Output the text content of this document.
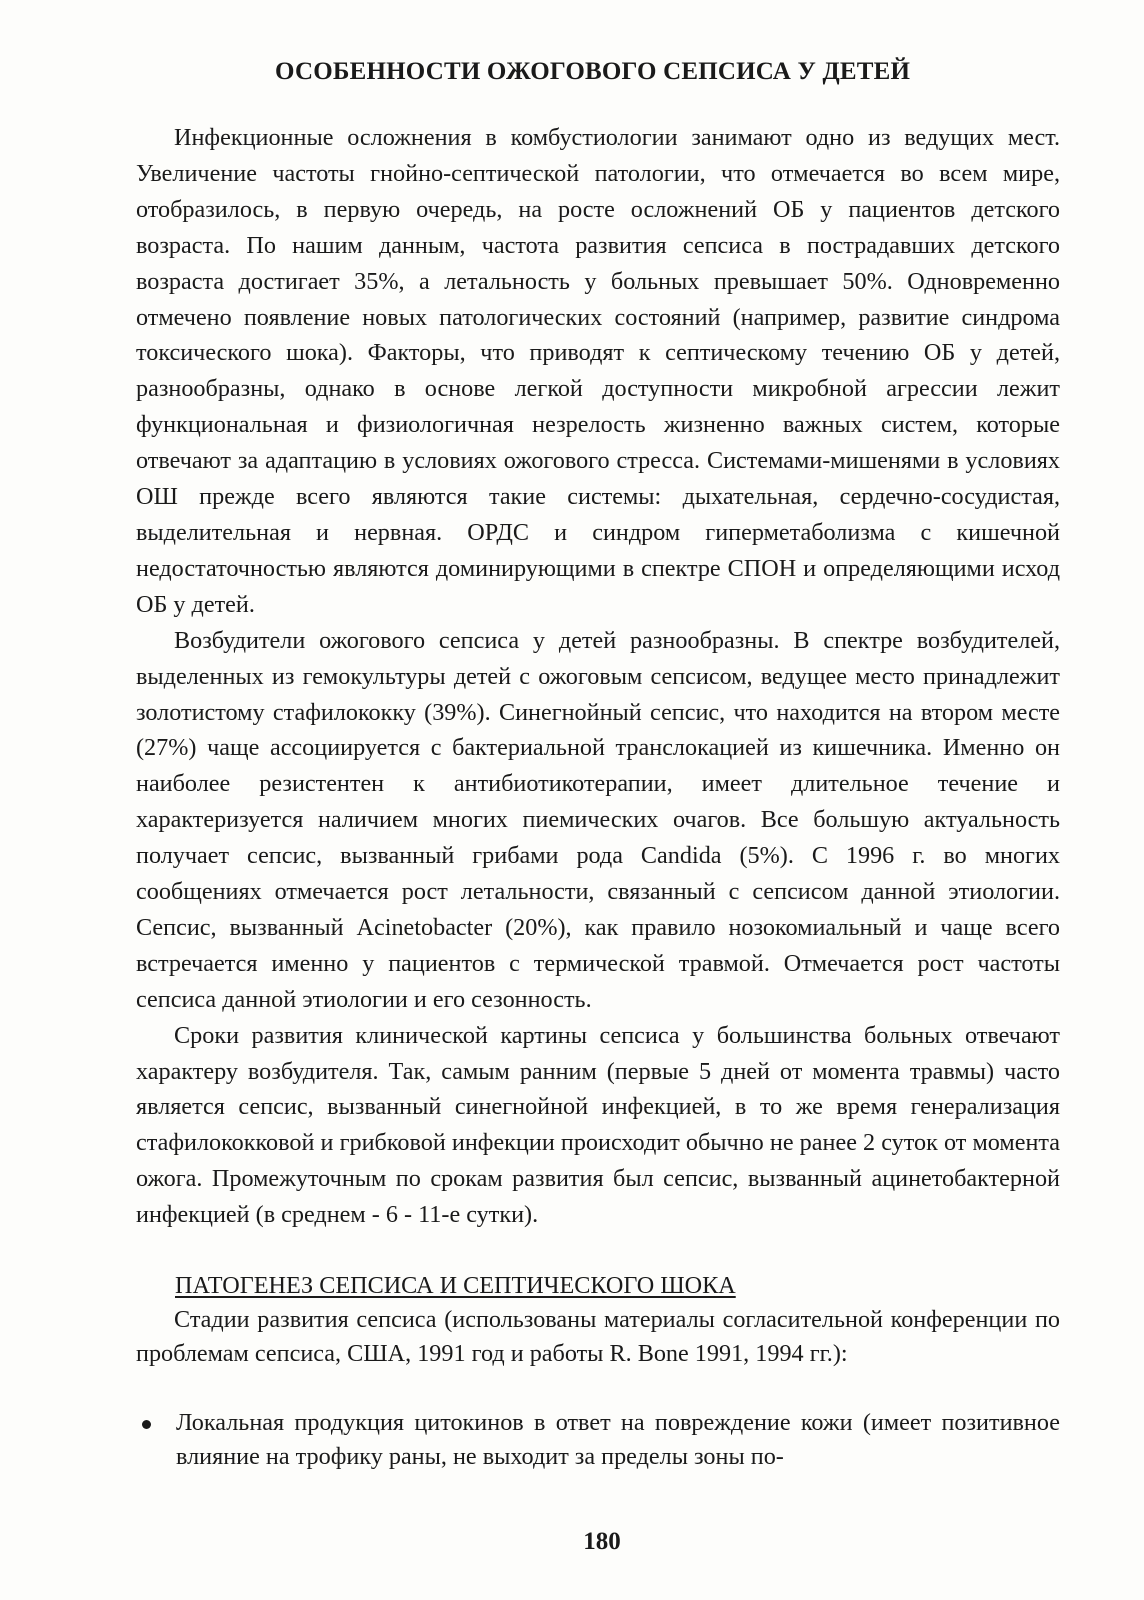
ОСОБЕННОСТИ ОЖОГОВОГО СЕПСИСА У ДЕТЕЙ

Инфекционные осложнения в комбустиологии занимают одно из ведущих мест. Увеличение частоты гнойно-септической патологии, что отмечается во всем мире, отобразилось, в первую очередь, на росте осложнений ОБ у пациентов детского возраста. По нашим данным, частота развития сепсиса в пострадавших детского возраста достигает 35%, а летальность у больных превышает 50%. Одновременно отмечено появление новых патологических состояний (например, развитие синдрома токсического шока). Факторы, что приводят к септическому течению ОБ у детей, разнообразны, однако в основе легкой доступности микробной агрессии лежит функциональная и физиологичная незрелость жизненно важных систем, которые отвечают за адаптацию в условиях ожогового стресса. Системами-мишенями в условиях ОШ прежде всего являются такие системы: дыхательная, сердечно-сосудистая, выделительная и нервная. ОРДС и синдром гиперметаболизма с кишечной недостаточностью являются доминирующими в спектре СПОН и определяющими исход ОБ у детей.

Возбудители ожогового сепсиса у детей разнообразны. В спектре возбудителей, выделенных из гемокультуры детей с ожоговым сепсисом, ведущее место принадлежит золотистому стафилококку (39%). Синегнойный сепсис, что находится на втором месте (27%) чаще ассоциируется с бактериальной транслокацией из кишечника. Именно он наиболее резистентен к антибиотикотерапии, имеет длительное течение и характеризуется наличием многих пиемических очагов. Все большую актуальность получает сепсис, вызванный грибами рода Candida (5%). С 1996 г. во многих сообщениях отмечается рост летальности, связанный с сепсисом данной этиологии. Сепсис, вызванный Acinetobacter (20%), как правило нозокомиальный и чаще всего встречается именно у пациентов с термической травмой. Отмечается рост частоты сепсиса данной этиологии и его сезонность.

Сроки развития клинической картины сепсиса у большинства больных отвечают характеру возбудителя. Так, самым ранним (первые 5 дней от момента травмы) часто является сепсис, вызванный синегнойной инфекцией, в то же время генерализация стафилококковой и грибковой инфекции происходит обычно не ранее 2 суток от момента ожога. Промежуточным по срокам развития был сепсис, вызванный ацинетобактерной инфекцией (в среднем - 6 - 11-е сутки).

ПАТОГЕНЕЗ СЕПСИСА И СЕПТИЧЕСКОГО ШОКА

Стадии развития сепсиса (использованы материалы согласительной конференции по проблемам сепсиса, США, 1991 год и работы R. Bone 1991, 1994 гг.):

Локальная продукция цитокинов в ответ на повреждение кожи (имеет позитивное влияние на трофику раны, не выходит за пределы зоны по-
180
